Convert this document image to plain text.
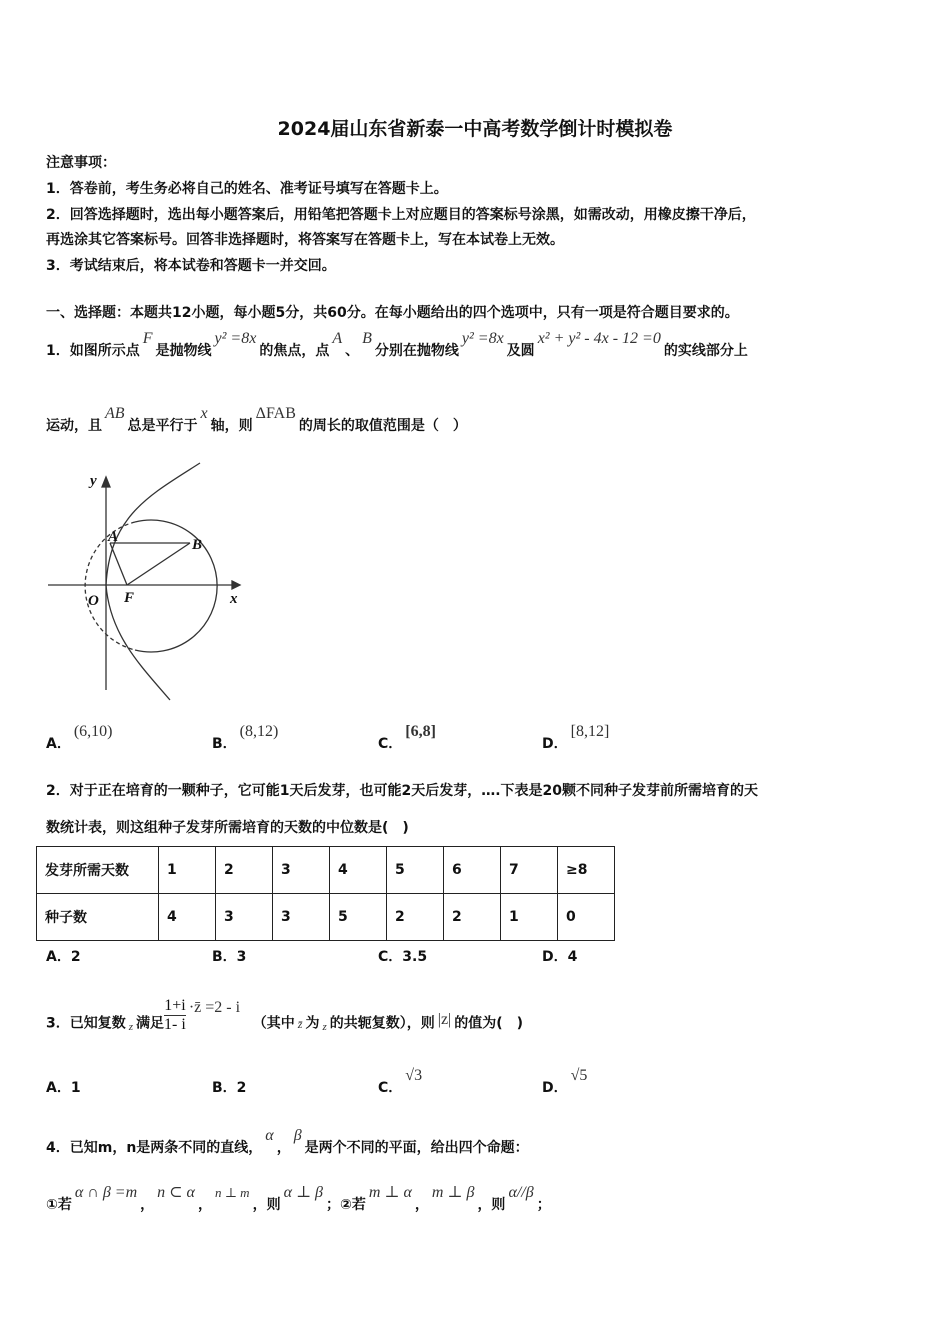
2024届山东省新泰一中高考数学倒计时模拟卷
注意事项：
1．答卷前，考生务必将自己的姓名、准考证号填写在答题卡上。
2．回答选择题时，选出每小题答案后，用铅笔把答题卡上对应题目的答案标号涂黑，如需改动，用橡皮擦干净后，
再选涂其它答案标号。回答非选择题时，将答案写在答题卡上，写在本试卷上无效。
3．考试结束后，将本试卷和答题卡一并交回。
一、选择题：本题共12小题，每小题5分，共60分。在每小题给出的四个选项中，只有一项是符合题目要求的。
1．如图所示点F是抛物线y² =8x的焦点，点A、B分别在抛物线y² =8x及圆x² + y² - 4x - 12 =0的实线部分上
运动，且AB总是平行于x轴，则ΔFAB的周长的取值范围是（　）
y
x
O F
A	B
A．(6,10)
B．(8,12)
C．[6,8]
D．[8,12]
2．对于正在培育的一颗种子，它可能1天后发芽，也可能2天后发芽，….下表是20颗不同种子发芽前所需培育的天
数统计表，则这组种子发芽所需培育的天数的中位数是(　)
发芽所需天数	1	2	3	4	5	6	7	≥8
种子数	4	3	3	5	2	2	1	0
A．2	B．3	C．3.5	D．4
3．已知复数 z 满足 $\frac{1+i}{1- i}$ ·z̄ =2 - i  （其中 z̄ 为 z 的共轭复数），则 |z| 的值为(　)
A．1	B．2	C．√3
D．√5
4．已知m，n是两条不同的直线，α，β是两个不同的平面，给出四个命题：
①若α ∩ β =m，n ⊂ α，n ⊥ m，则α ⊥ β；②若m ⊥ α，m ⊥ β，则α//β；
